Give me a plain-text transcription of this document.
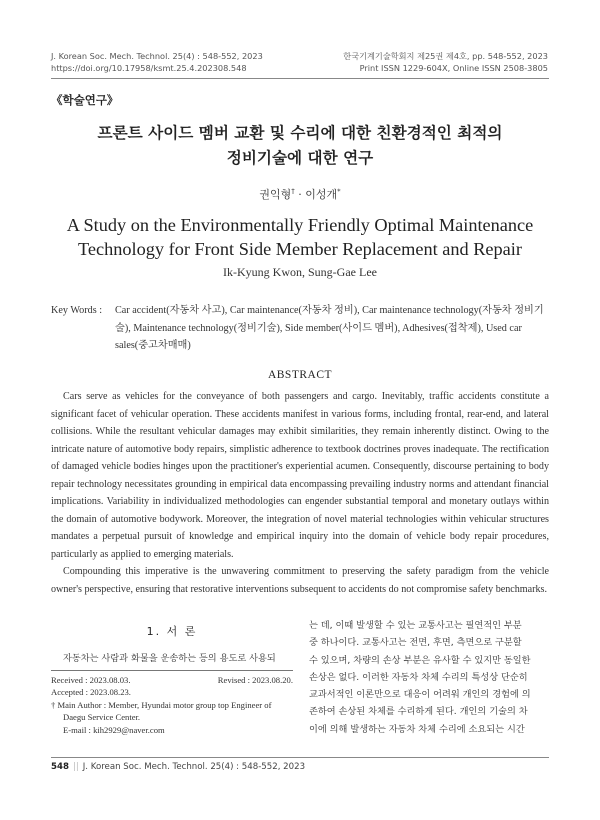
J. Korean Soc. Mech. Technol. 25(4) : 548-552, 2023
https://doi.org/10.17958/ksmt.25.4.202308.548
한국기계기술학회지 제25권 제4호, pp. 548-552, 2023
Print ISSN 1229-604X, Online ISSN 2508-3805
《학술연구》
프론트 사이드 멤버 교환 및 수리에 대한 친환경적인 최적의
정비기술에 대한 연구
권익형† · 이성개*
A Study on the Environmentally Friendly Optimal Maintenance
Technology for Front Side Member Replacement and Repair
Ik-Kyung Kwon, Sung-Gae Lee
Key Words : Car accident(자동차 사고), Car maintenance(자동차 정비), Car maintenance technology(자동차 정비기술), Maintenance technology(정비기술), Side member(사이드 멤버), Adhesives(접착제), Used car sales(중고차매매)
ABSTRACT

Cars serve as vehicles for the conveyance of both passengers and cargo. Inevitably, traffic accidents constitute a significant facet of vehicular operation. These accidents manifest in various forms, including frontal, rear-end, and lateral collisions. While the resultant vehicular damages may exhibit similarities, they remain inherently distinct. Owing to the intricate nature of automotive body repairs, simplistic adherence to textbook doctrines proves inadequate. The rectification of damaged vehicle bodies hinges upon the practitioner's experiential acumen. Consequently, discourse pertaining to body repair technology necessitates grounding in empirical data encompassing prevailing industry norms and attendant financial implications. Variability in individualized methodologies can engender substantial temporal and monetary outlays within the domain of automotive bodywork. Moreover, the integration of novel material technologies within vehicular structures mandates a perpetual pursuit of knowledge and empirical inquiry into the domain of vehicle body repair procedures, particularly as applied to emerging materials.

Compounding this imperative is the unwavering commitment to preserving the safety paradigm from the vehicle owner's perspective, ensuring that restorative interventions subsequent to accidents do not compromise safety benchmarks.

1. 서 론
자동차는 사람과 화물을 운송하는 등의 용도로 사용되
Received : 2023.08.03.	Revised : 2023.08.20.
Accepted : 2023.08.23.
† Main Author : Member, Hyundai motor group top Engineer of
Daegu Service Center.
E-mail : kih2929@naver.com
는 데, 이때 발생할 수 있는 교통사고는 필연적인 부분
중 하나이다. 교통사고는 전면, 후면, 측면으로 구분할
수 있으며, 차량의 손상 부분은 유사할 수 있지만 동일한
손상은 없다. 이러한 자동차 차체 수리의 특성상 단순히
교과서적인 이론만으로 대응이 어려워 개인의 경험에 의
존하여 손상된 차체를 수리하게 된다. 개인의 기술의 차
이에 의해 발생하는 자동차 차체 수리에 소요되는 시간
548 || J. Korean Soc. Mech. Technol. 25(4) : 548-552, 2023
